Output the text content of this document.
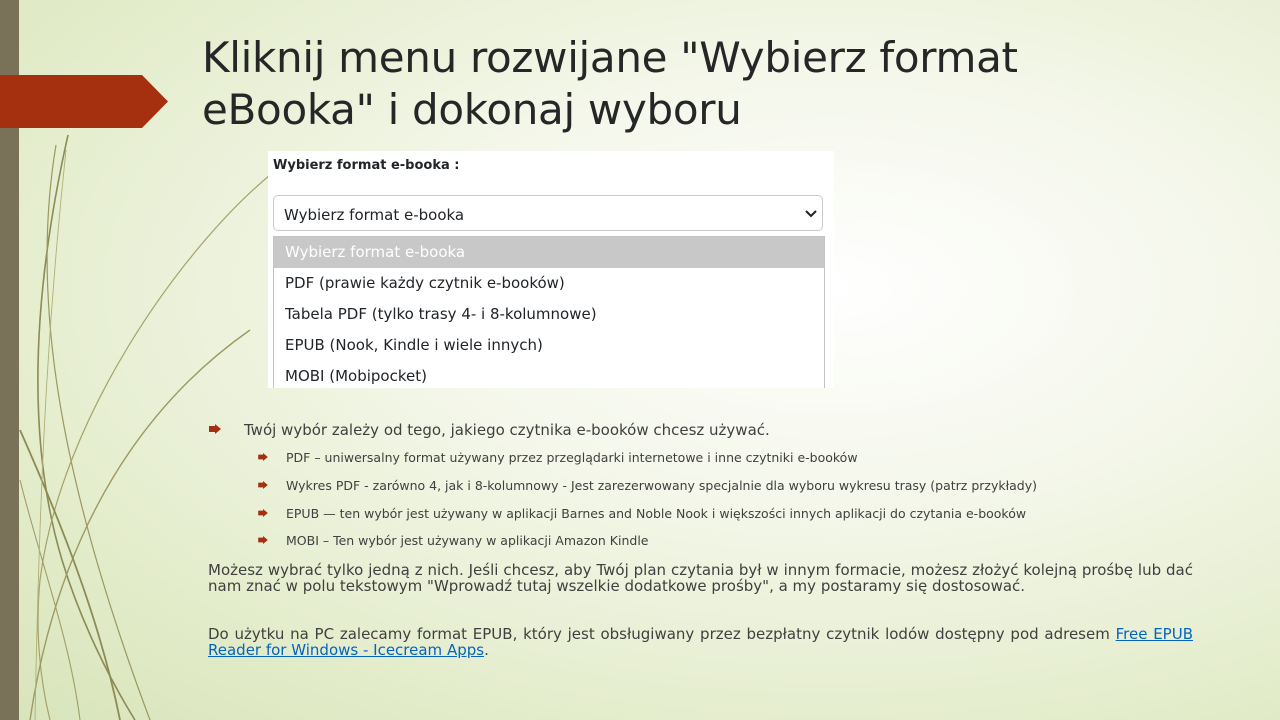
Kliknij menu rozwijane "Wybierz format eBooka" i dokonaj wyboru
Wybierz format e-booka :
Wybierz format e-booka
Wybierz format e-booka
PDF (prawie każdy czytnik e-booków)
Tabela PDF (tylko trasy 4- i 8-kolumnowe)
EPUB (Nook, Kindle i wiele innych)
MOBI (Mobipocket)
Twój wybór zależy od tego, jakiego czytnika e-booków chcesz używać.
PDF – uniwersalny format używany przez przeglądarki internetowe i inne czytniki e-booków
Wykres PDF - zarówno 4, jak i 8-kolumnowy - Jest zarezerwowany specjalnie dla wyboru wykresu trasy (patrz przykłady)
EPUB — ten wybór jest używany w aplikacji Barnes and Noble Nook i większości innych aplikacji do czytania e-booków
MOBI – Ten wybór jest używany w aplikacji Amazon Kindle

Możesz wybrać tylko jedną z nich. Jeśli chcesz, aby Twój plan czytania był w innym formacie, możesz złożyć kolejną prośbę lub dać nam znać w polu tekstowym "Wprowadź tutaj wszelkie dodatkowe prośby", a my postaramy się dostosować.

Do użytku na PC zalecamy format EPUB, który jest obsługiwany przez bezpłatny czytnik lodów dostępny pod adresem Free EPUB Reader for Windows - Icecream Apps.
